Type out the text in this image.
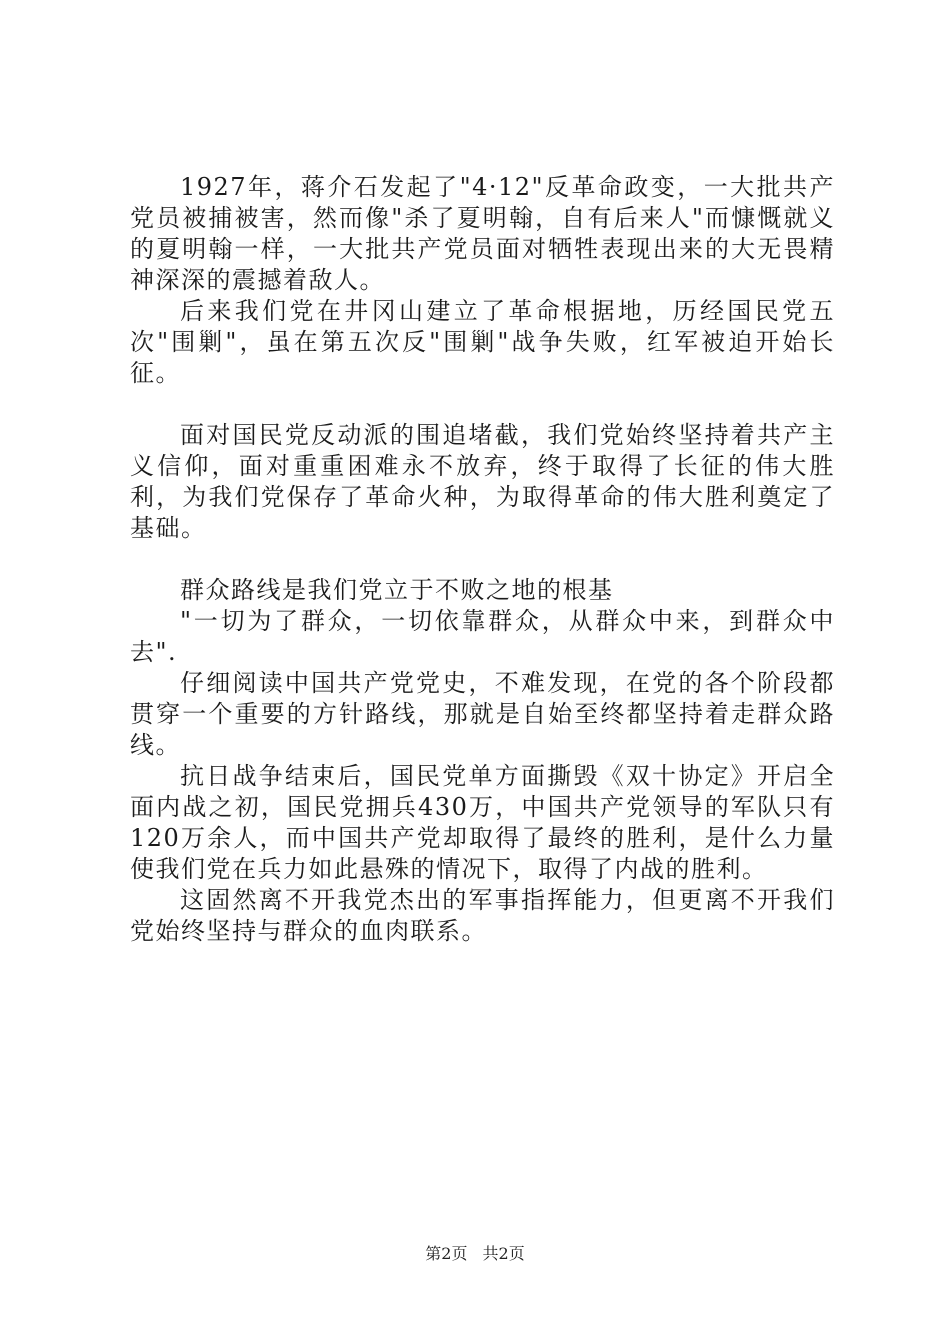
1927年，蒋介石发起了"4·12"反革命政变，一大批共产党员被捕被害，然而像"杀了夏明翰，自有后来人"而慷慨就义的夏明翰一样，一大批共产党员面对牺牲表现出来的大无畏精神深深的震撼着敌人。

后来我们党在井冈山建立了革命根据地，历经国民党五次"围剿"，虽在第五次反"围剿"战争失败，红军被迫开始长征。

面对国民党反动派的围追堵截，我们党始终坚持着共产主义信仰，面对重重困难永不放弃，终于取得了长征的伟大胜利，为我们党保存了革命火种，为取得革命的伟大胜利奠定了基础。

群众路线是我们党立于不败之地的根基

"一切为了群众，一切依靠群众，从群众中来，到群众中去".

仔细阅读中国共产党党史，不难发现，在党的各个阶段都贯穿一个重要的方针路线，那就是自始至终都坚持着走群众路线。

抗日战争结束后，国民党单方面撕毁《双十协定》开启全面内战之初，国民党拥兵430万，中国共产党领导的军队只有120万余人，而中国共产党却取得了最终的胜利，是什么力量使我们党在兵力如此悬殊的情况下，取得了内战的胜利。

这固然离不开我党杰出的军事指挥能力，但更离不开我们党始终坚持与群众的血肉联系。

第2页 共2页
